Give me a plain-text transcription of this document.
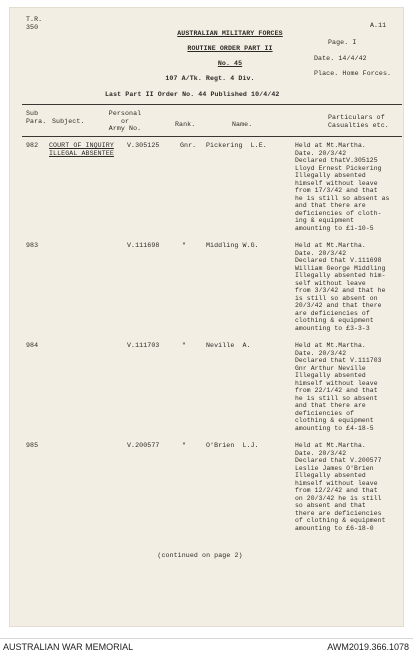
T.R.
350	A.11
AUSTRALIAN MILITARY FORCES
ROUTINE ORDER PART II
No. 45
107 A/Tk. Regt. 4 Div.
Page. I
Date. 14/4/42
Place. Home Forces.
Last Part II Order No. 44 Published 10/4/42
Sub
Para. Subject.
Personal
or
Army No.
Rank.	Name.
Particulars of
Casualties etc.
982 COURT OF INQUIRY
ILLEGAL ABSENTEE
V.305125	Gnr. Pickering  L.E.	Held at Mt.Martha.
Date. 20/3/42
Declared thatV.305125
Lloyd Ernest Pickering
Illegally absented
himself without leave
from 17/3/42 and that
he is still so absent as
and that there are
deficiencies of cloth-
ing & equipment
amounting to £1-10-5
983	V.111698	"	Middling W.G.	Held at Mt.Martha.
Date. 20/3/42
Declared that V.111698
William George Middling
Illegally absented him-
self without leave
from 3/3/42 and that he
is still so absent on
20/3/42 and that there
are deficiencies of
clothing & equipment
amounting to £3-3-3
984	V.111703	"	Neville  A.	Held at Mt.Martha.
Date. 20/3/42
Declared that V.111703
Gnr Arthur Neville
Illegally absented
himself without leave
from 22/1/42 and that
he is still so absent
and that there are
deficiencies of
clothing & equipment
amounting to £4-18-5
985	V.200577	"	O'Brien  L.J.	Held at Mt.Martha.
Date. 20/3/42
Declared that V.200577
Leslie James O'Brien
Illegally absented
himself without leave
from 12/2/42 and that
on 20/3/42 he is still
so absent and that
there are deficiencies
of clothing & equipment
amounting to £6-18-0
(continued on page 2)
AUSTRALIAN WAR MEMORIAL	AWM2019.366.1078
